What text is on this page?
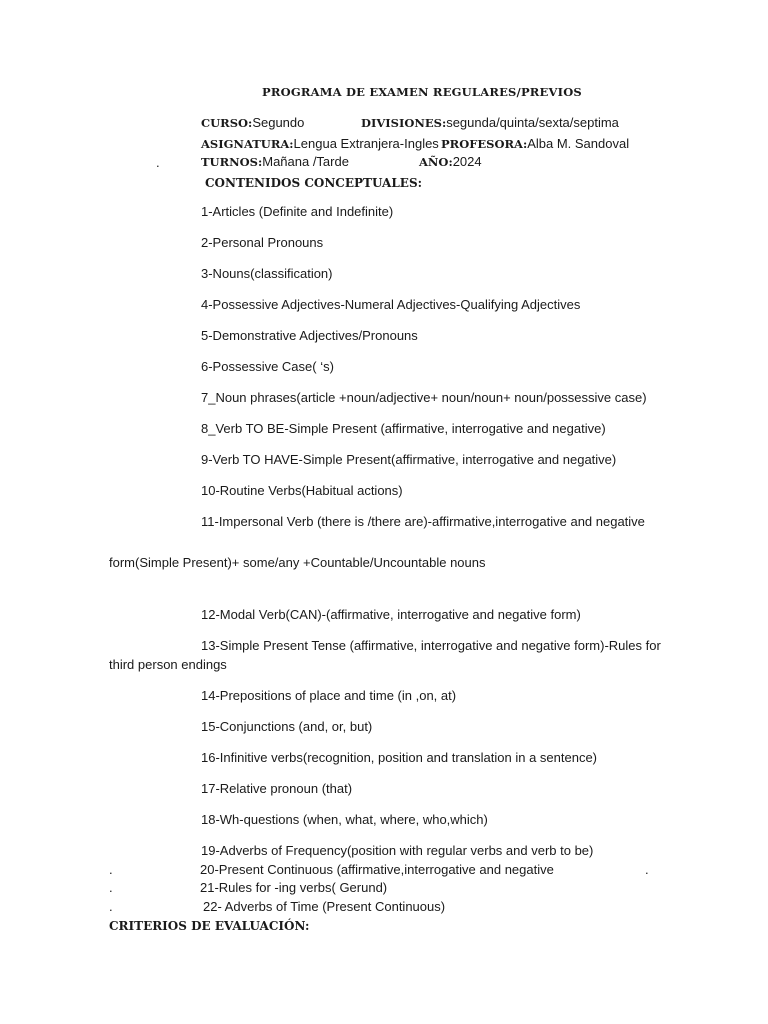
PROGRAMA DE EXAMEN REGULARES/PREVIOS
CURSO:Segundo	DIVISIONES:segunda/quinta/sexta/septima
ASIGNATURA:Lengua Extranjera-Ingles PROFESORA:Alba M. Sandoval
.	TURNOS:Mañana /Tarde	AÑO:2024
CONTENIDOS CONCEPTUALES:
1-Articles (Definite and Indefinite)
2-Personal Pronouns
3-Nouns(classification)
4-Possessive Adjectives-Numeral Adjectives-Qualifying Adjectives
5-Demonstrative Adjectives/Pronouns
6-Possessive Case( ‘s)
7_Noun phrases(article +noun/adjective+ noun/noun+ noun/possessive case)
8_Verb TO BE-Simple Present (affirmative, interrogative and negative)
9-Verb TO HAVE-Simple Present(affirmative, interrogative and negative)
10-Routine Verbs(Habitual actions)
11-Impersonal Verb (there is /there are)-affirmative,interrogative and negative
form(Simple Present)+ some/any +Countable/Uncountable nouns
12-Modal Verb(CAN)-(affirmative, interrogative and negative form)
13-Simple Present Tense (affirmative, interrogative and negative form)-Rules for
third person endings
14-Prepositions of place and time (in ,on, at)
15-Conjunctions (and, or, but)
16-Infinitive verbs(recognition, position and translation in a sentence)
17-Relative pronoun (that)
18-Wh-questions (when, what, where, who,which)
19-Adverbs of Frequency(position with regular verbs and verb to be)
.	20-Present Continuous (affirmative,interrogative and negative	.
.	21-Rules for -ing verbs( Gerund)
.	22- Adverbs of Time (Present Continuous)
CRITERIOS DE EVALUACIÓN:
